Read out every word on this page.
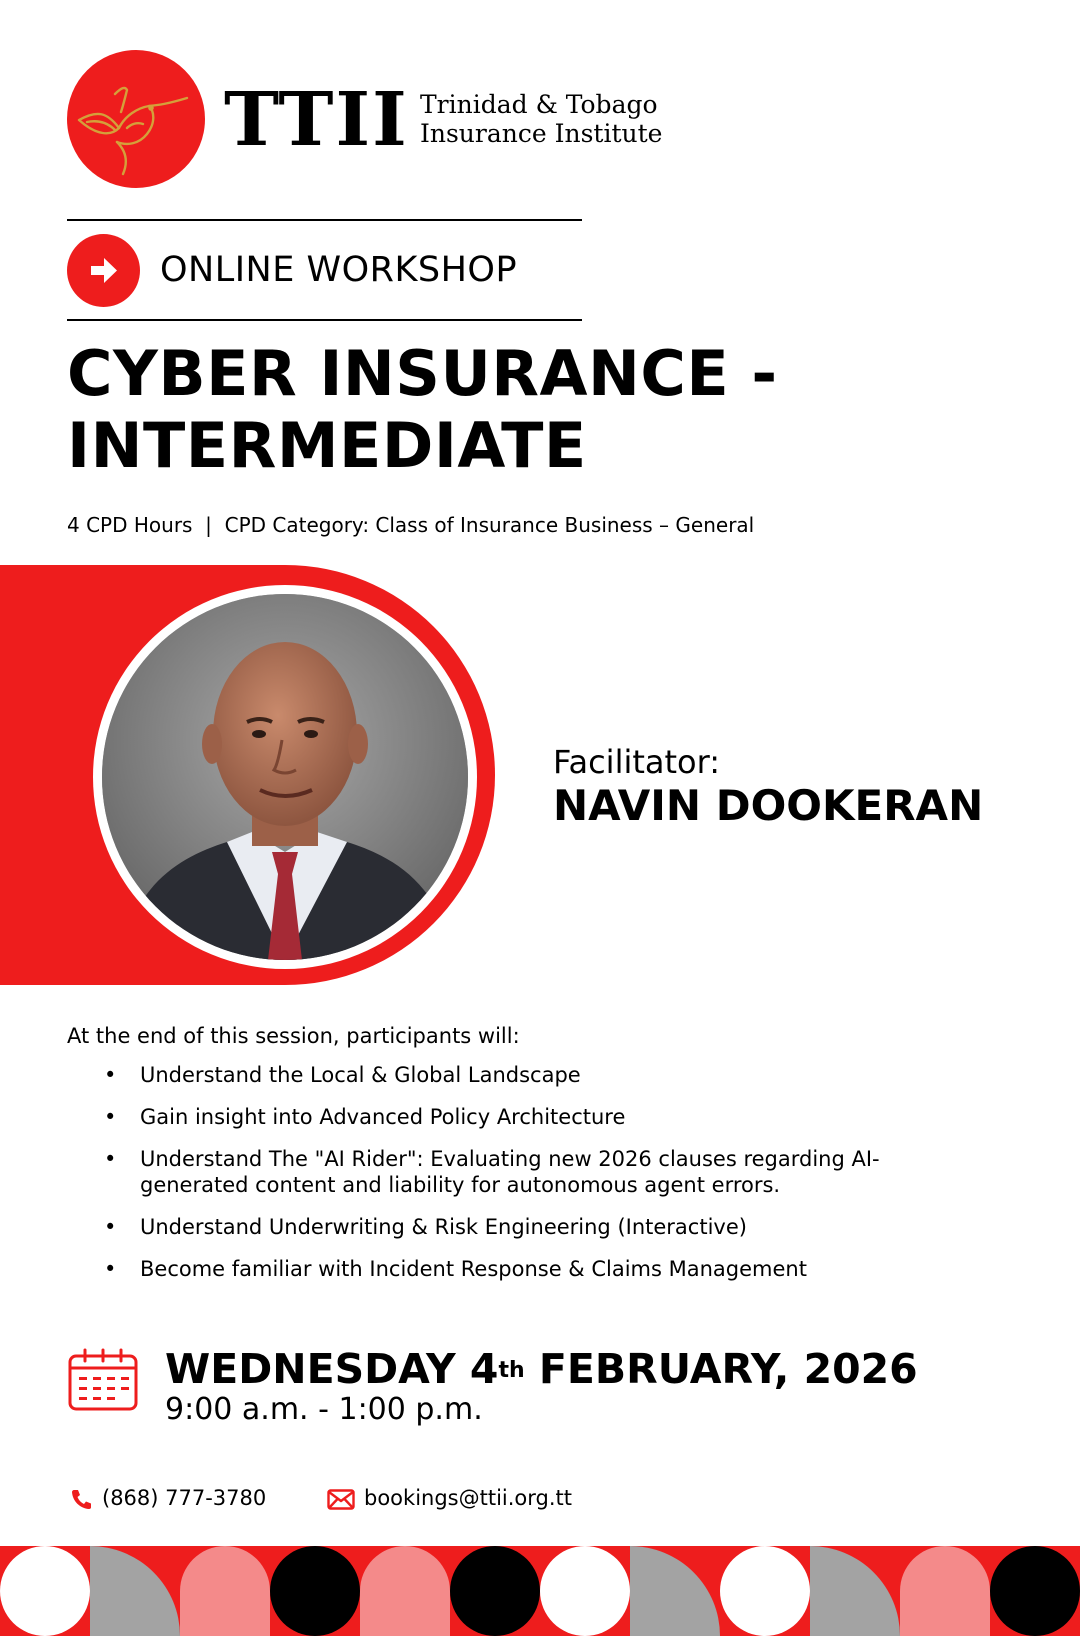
TTII Trinidad & Tobago
Insurance Institute
ONLINE WORKSHOP
CYBER INSURANCE -
INTERMEDIATE
4 CPD Hours  |  CPD Category: Class of Insurance Business – General
Facilitator:
NAVIN DOOKERAN
At the end of this session, participants will:
• Understand the Local & Global Landscape
• Gain insight into Advanced Policy Architecture
• Understand The "AI Rider": Evaluating new 2026 clauses regarding AI-generated content and liability for autonomous agent errors.
• Understand Underwriting & Risk Engineering (Interactive)
• Become familiar with Incident Response & Claims Management
WEDNESDAY 4th FEBRUARY, 2026
9:00 a.m. - 1:00 p.m.
(868) 777-3780	bookings@ttii.org.tt
